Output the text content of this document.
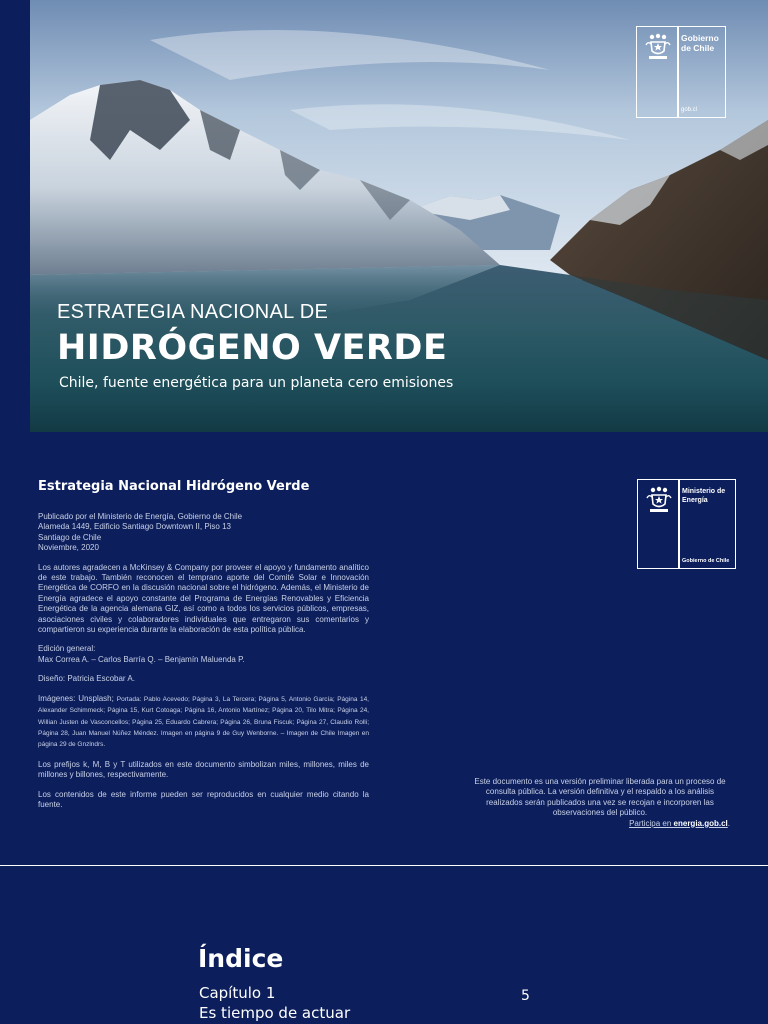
Gobierno
de Chile
gob.cl

ESTRATEGIA NACIONAL DE

HIDRÓGENO VERDE

Chile, fuente energética para un planeta cero emisiones

Estrategia Nacional Hidrógeno Verde

Publicado por el Ministerio de Energía, Gobierno de Chile
Alameda 1449, Edificio Santiago Downtown II, Piso 13
Santiago de Chile
Noviembre, 2020

Los autores agradecen a McKinsey & Company por proveer el apoyo y fundamento analítico de este trabajo. También reconocen el temprano aporte del Comité Solar e Innovación Energética de CORFO en la discusión nacional sobre el hidrógeno. Además, el Ministerio de Energía agradece el apoyo constante del Programa de Energías Renovables y Eficiencia Energética de la agencia alemana GIZ, así como a todos los servicios públicos, empresas, asociaciones civiles y colaboradores individuales que entregaron sus comentarios y compartieron su experiencia durante la elaboración de esta política pública.

Edición general:
Max Correa A. – Carlos Barría Q. – Benjamín Maluenda P.

Diseño: Patricia Escobar A.

Imágenes: Unsplash; Portada: Pablo Acevedo; Página 3, La Tercera; Página 5, Antonio García; Página 14, Alexander Schimmeck; Página 15, Kurt Cotoaga; Página 16, Antonio Martínez; Página 20, Tilo Mitra; Página 24, Willian Justen de Vasconcellos; Página 25, Eduardo Cabrera; Página 26, Bruna Fiscuk; Página 27, Claudio Rolli; Página 28, Juan Manuel Núñez Méndez. Imagen en página 9 de Guy Wenborne. – Imagen de Chile Imagen en página 29 de Gnzlndrs.

Los prefijos k, M, B y T utilizados en este documento simbolizan miles, millones, miles de millones y billones, respectivamente.

Los contenidos de este informe pueden ser reproducidos en cualquier medio citando la fuente.

Ministerio de
Energía
Gobierno de Chile
Este documento es una versión preliminar liberada para un proceso de consulta pública. La versión definitiva y el respaldo a los análisis realizados serán publicados una vez se recojan e incorporen las observaciones del público.
Participa en energia.gob.cl.
Índice
Capítulo 1
Es tiempo de actuar
5
